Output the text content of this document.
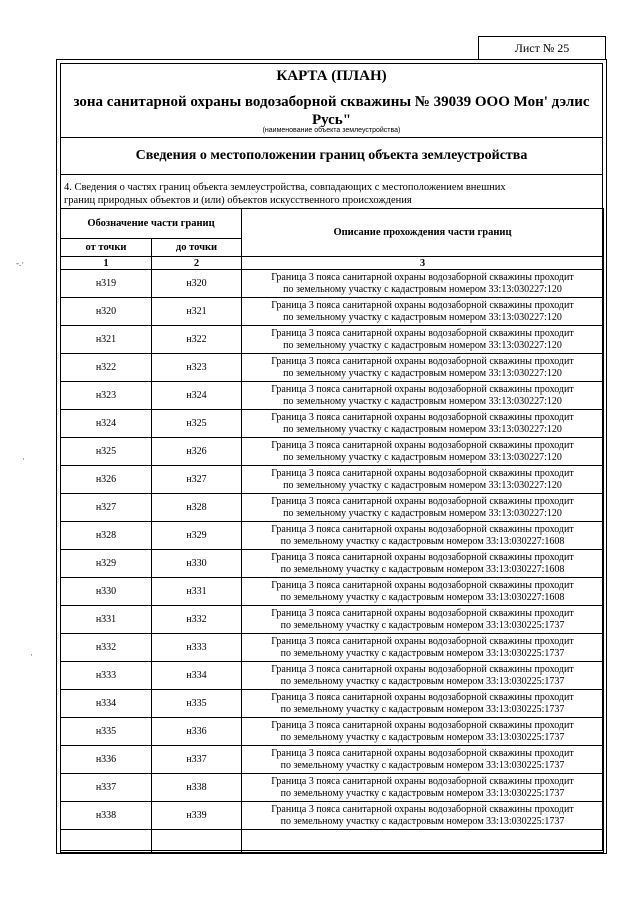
Лист № 25
КАРТА (ПЛАН)
зона санитарной охраны водозаборной скважины № 39039 ООО Мон' дэлис
Русь"
(наименование объекта землеустройства)
Сведения о местоположении границ объекта землеустройства
4. Сведения о частях границ объекта землеустройства, совпадающих с местоположением внешних
границ природных объектов и (или) объектов искусственного происхождения
Обозначение части границ		Описание прохождения части границ
от точки	до точки	
1	2	3
н319	н320	Граница 3 пояса санитарной охраны водозаборной скважины проходит
по земельному участку с кадастровым номером 33:13:030227:120

н320	н321	Граница 3 пояса санитарной охраны водозаборной скважины проходит
по земельному участку с кадастровым номером 33:13:030227:120

н321	н322	Граница 3 пояса санитарной охраны водозаборной скважины проходит
по земельному участку с кадастровым номером 33:13:030227:120

н322	н323	Граница 3 пояса санитарной охраны водозаборной скважины проходит
по земельному участку с кадастровым номером 33:13:030227:120

н323	н324	Граница 3 пояса санитарной охраны водозаборной скважины проходит
по земельному участку с кадастровым номером 33:13:030227:120

н324	н325	Граница 3 пояса санитарной охраны водозаборной скважины проходит
по земельному участку с кадастровым номером 33:13:030227:120

н325	н326	Граница 3 пояса санитарной охраны водозаборной скважины проходит
по земельному участку с кадастровым номером 33:13:030227:120

н326	н327	Граница 3 пояса санитарной охраны водозаборной скважины проходит
по земельному участку с кадастровым номером 33:13:030227:120

н327	н328	Граница 3 пояса санитарной охраны водозаборной скважины проходит
по земельному участку с кадастровым номером 33:13:030227:120

н328	н329	Граница 3 пояса санитарной охраны водозаборной скважины проходит
по земельному участку с кадастровым номером 33:13:030227:1608

н329	н330	Граница 3 пояса санитарной охраны водозаборной скважины проходит
по земельному участку с кадастровым номером 33:13:030227:1608

н330	н331	Граница 3 пояса санитарной охраны водозаборной скважины проходит
по земельному участку с кадастровым номером 33:13:030227:1608

н331	н332	Граница 3 пояса санитарной охраны водозаборной скважины проходит
по земельному участку с кадастровым номером 33:13:030225:1737

н332	н333	Граница 3 пояса санитарной охраны водозаборной скважины проходит
по земельному участку с кадастровым номером 33:13:030225:1737

н333	н334	Граница 3 пояса санитарной охраны водозаборной скважины проходит
по земельному участку с кадастровым номером 33:13:030225:1737

н334	н335	Граница 3 пояса санитарной охраны водозаборной скважины проходит
по земельному участку с кадастровым номером 33:13:030225:1737

н335	н336	Граница 3 пояса санитарной охраны водозаборной скважины проходит
по земельному участку с кадастровым номером 33:13:030225:1737

н336	н337	Граница 3 пояса санитарной охраны водозаборной скважины проходит
по земельному участку с кадастровым номером 33:13:030225:1737

н337	н338	Граница 3 пояса санитарной охраны водозаборной скважины проходит
по земельному участку с кадастровым номером 33:13:030225:1737

н338	н339	Граница 3 пояса санитарной охраны водозаборной скважины проходит
по земельному участку с кадастровым номером 33:13:030225:1737

-.·
·
·
